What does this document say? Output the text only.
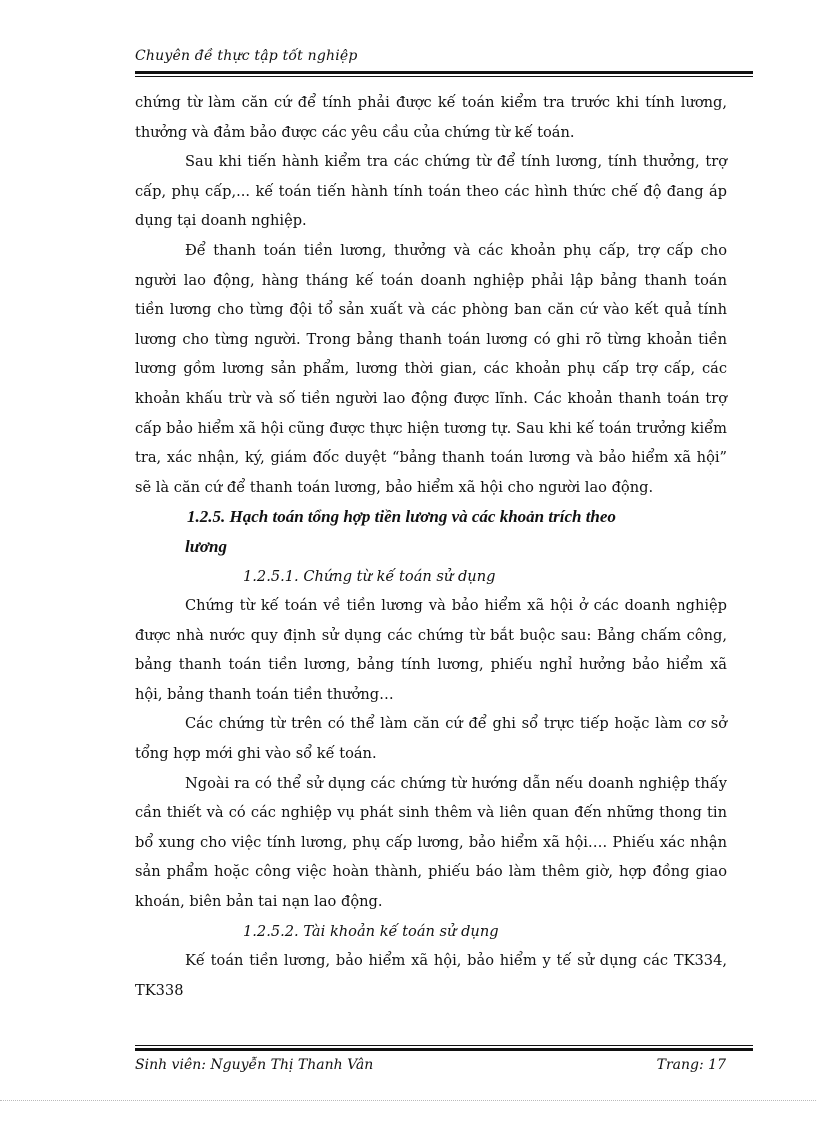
Chuyên đề thực tập tốt nghiệp

chứng từ làm căn cứ để tính phải được kế toán kiểm tra trước khi tính lương, thưởng và đảm bảo được các yêu cầu của chứng từ kế toán.

Sau khi tiến hành kiểm tra các chứng từ để tính lương, tính thưởng, trợ cấp, phụ cấp,... kế toán tiến hành tính toán theo các hình thức chế độ đang áp dụng tại doanh nghiệp.

Để thanh toán tiền lương, thưởng và các khoản phụ cấp, trợ cấp cho người lao động, hàng tháng kế toán doanh nghiệp phải lập bảng thanh toán tiền lương cho từng đội tổ sản xuất và các phòng ban căn cứ vào kết quả tính lương cho từng người. Trong bảng thanh toán lương có ghi rõ từng khoản tiền lương gồm lương sản phẩm, lương thời gian, các khoản phụ cấp trợ cấp, các khoản khấu trừ và số tiền người lao động được lĩnh. Các khoản thanh toán trợ cấp bảo hiểm xã hội cũng được thực hiện tương tự. Sau khi kế toán trưởng kiểm tra, xác nhận, ký, giám đốc duyệt “bảng thanh toán lương và bảo hiểm xã hội” sẽ là căn cứ để thanh toán lương, bảo hiểm xã hội cho người lao động.

1.2.5. Hạch toán tổng hợp tiền lương và các khoản trích theo

lương

1.2.5.1. Chứng từ kế toán sử dụng

Chứng từ kế toán về tiền lương và bảo hiểm xã hội ở các doanh nghiệp được nhà nước quy định sử dụng các chứng từ bắt buộc sau: Bảng chấm công, bảng thanh toán tiền lương, bảng tính lương, phiếu nghỉ hưởng bảo hiểm xã hội, bảng thanh toán tiền thưởng…

Các chứng từ trên có thể làm căn cứ để ghi sổ trực tiếp hoặc làm cơ sở tổng hợp mới ghi vào sổ kế toán.

Ngoài ra có thể sử dụng các chứng từ hướng dẫn nếu doanh nghiệp thấy cần thiết và có các nghiệp vụ phát sinh thêm và liên quan đến những thong tin bổ xung cho việc tính lương, phụ cấp lương, bảo hiểm xã hội…. Phiếu xác nhận sản phẩm hoặc công việc hoàn thành, phiếu báo làm thêm giờ, hợp đồng giao khoán, biên bản tai nạn lao động.

1.2.5.2. Tài khoản kế toán sử dụng

Kế toán tiền lương, bảo hiểm xã hội, bảo hiểm y tế sử dụng các TK334, TK338

Sinh viên: Nguyễn Thị Thanh Vân	Trang: 17
